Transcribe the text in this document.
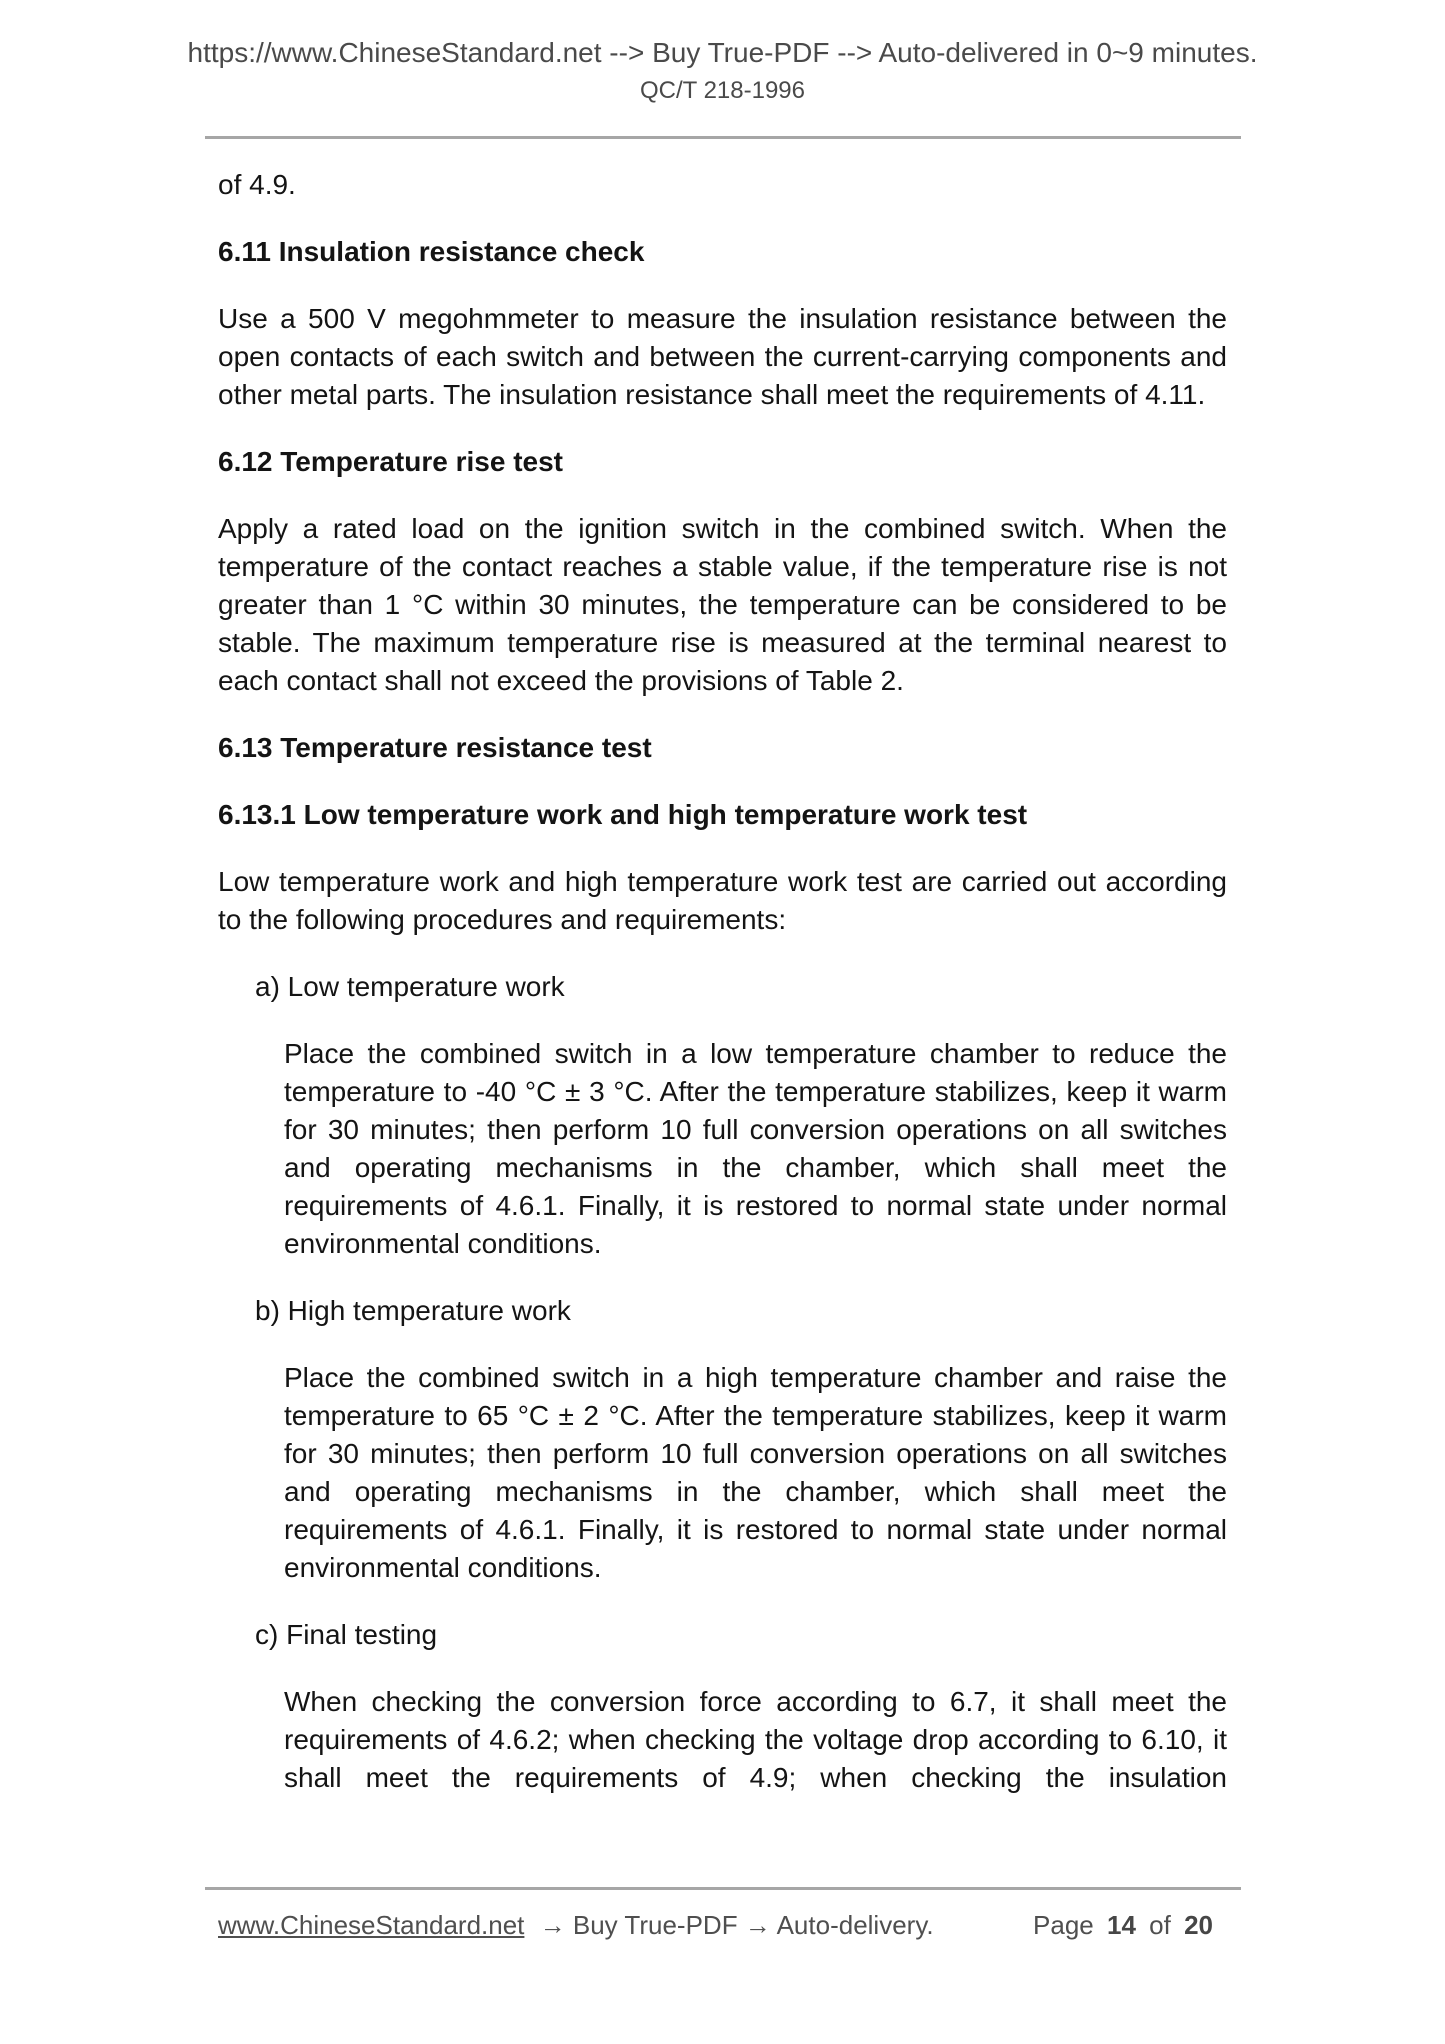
https://www.ChineseStandard.net --> Buy True-PDF --> Auto-delivered in 0~9 minutes.
QC/T 218-1996

of 4.9.

6.11 Insulation resistance check

Use a 500 V megohmmeter to measure the insulation resistance between the open contacts of each switch and between the current-carrying components and other metal parts. The insulation resistance shall meet the requirements of 4.11.

6.12 Temperature rise test

Apply a rated load on the ignition switch in the combined switch. When the temperature of the contact reaches a stable value, if the temperature rise is not greater than 1 °C within 30 minutes, the temperature can be considered to be stable. The maximum temperature rise is measured at the terminal nearest to each contact shall not exceed the provisions of Table 2.

6.13 Temperature resistance test

6.13.1 Low temperature work and high temperature work test

Low temperature work and high temperature work test are carried out according to the following procedures and requirements:

a) Low temperature work

Place the combined switch in a low temperature chamber to reduce the temperature to -40 °C ± 3 °C. After the temperature stabilizes, keep it warm for 30 minutes; then perform 10 full conversion operations on all switches and operating mechanisms in the chamber, which shall meet the requirements of 4.6.1. Finally, it is restored to normal state under normal environmental conditions.

b) High temperature work

Place the combined switch in a high temperature chamber and raise the temperature to 65 °C ± 2 °C. After the temperature stabilizes, keep it warm for 30 minutes; then perform 10 full conversion operations on all switches and operating mechanisms in the chamber, which shall meet the requirements of 4.6.1. Finally, it is restored to normal state under normal environmental conditions.

c) Final testing

When checking the conversion force according to 6.7, it shall meet the requirements of 4.6.2; when checking the voltage drop according to 6.10, it shall meet the requirements of 4.9; when checking the insulation

www.ChineseStandard.net → Buy True-PDF → Auto-delivery.	Page 14 of 20
